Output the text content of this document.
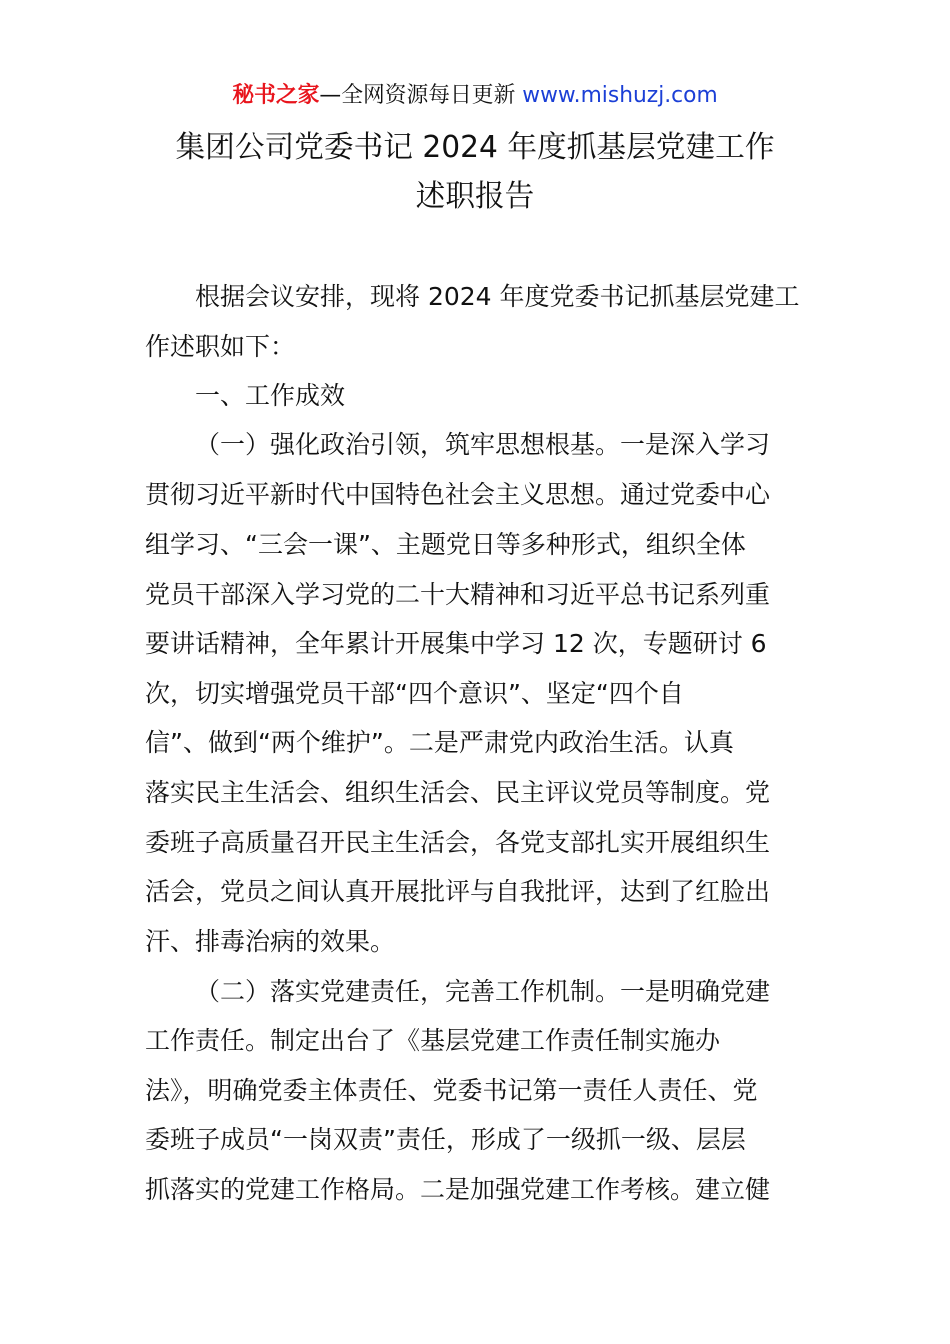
秘书之家—全网资源每日更新 www.mishuzj.com
集团公司党委书记 2024 年度抓基层党建工作
述职报告
根据会议安排，现将 2024 年度党委书记抓基层党建工
作述职如下：
一、工作成效
（一）强化政治引领，筑牢思想根基。一是深入学习
贯彻习近平新时代中国特色社会主义思想。通过党委中心
组学习、“三会一课”、主题党日等多种形式，组织全体
党员干部深入学习党的二十大精神和习近平总书记系列重
要讲话精神，全年累计开展集中学习 12 次，专题研讨 6
次，切实增强党员干部“四个意识”、坚定“四个自
信”、做到“两个维护”。二是严肃党内政治生活。认真
落实民主生活会、组织生活会、民主评议党员等制度。党
委班子高质量召开民主生活会，各党支部扎实开展组织生
活会，党员之间认真开展批评与自我批评，达到了红脸出
汗、排毒治病的效果。
（二）落实党建责任，完善工作机制。一是明确党建
工作责任。制定出台了《基层党建工作责任制实施办
法》，明确党委主体责任、党委书记第一责任人责任、党
委班子成员“一岗双责”责任，形成了一级抓一级、层层
抓落实的党建工作格局。二是加强党建工作考核。建立健
